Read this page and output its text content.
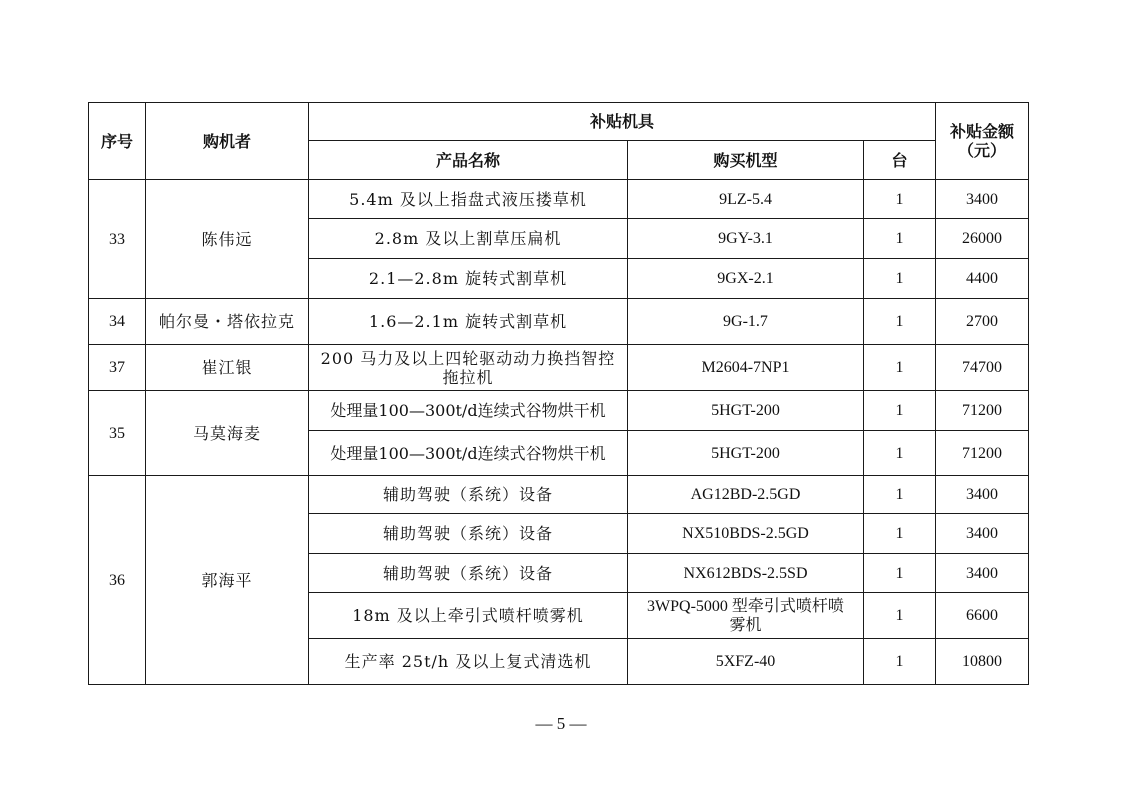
序号	购机者	补贴机具			补贴金额（元）
		产品名称	购买机型	台	
33	陈伟远	5.4m 及以上指盘式液压搂草机	9LZ-5.4	1	3400
		2.8m 及以上割草压扁机	9GY-3.1	1	26000
		2.1—2.8m 旋转式割草机	9GX-2.1	1	4400
34	帕尔曼・塔依拉克	1.6—2.1m 旋转式割草机	9G-1.7	1	2700
37	崔江银	200 马力及以上四轮驱动动力换挡智控拖拉机	M2604-7NP1	1	74700
35	马莫海麦	处理量100—300t/d连续式谷物烘干机	5HGT-200	1	71200
		处理量100—300t/d连续式谷物烘干机	5HGT-200	1	71200
36	郭海平	辅助驾驶（系统）设备	AG12BD-2.5GD	1	3400
		辅助驾驶（系统）设备	NX510BDS-2.5GD	1	3400
		辅助驾驶（系统）设备	NX612BDS-2.5SD	1	3400
		18m 及以上牵引式喷杆喷雾机	3WPQ-5000 型牵引式喷杆喷雾机	1	6600
		生产率 25t/h 及以上复式清选机	5XFZ-40	1	10800
— 5 —
